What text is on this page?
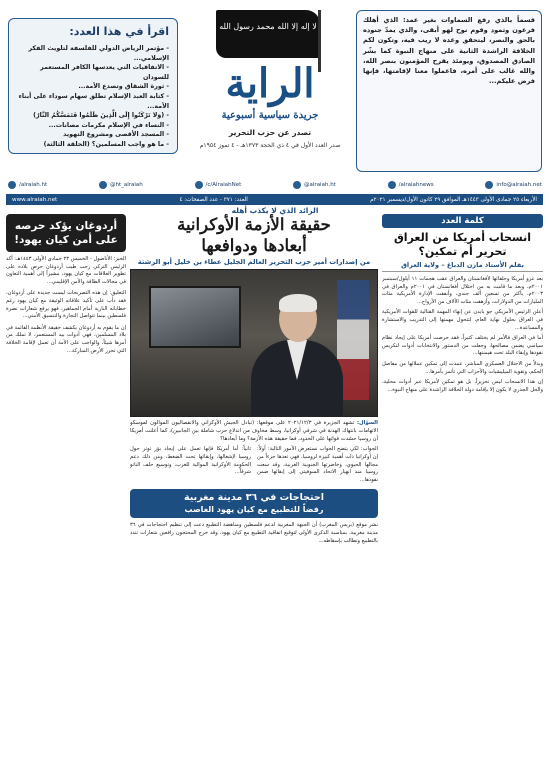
قسماً بالذي رفع السماوات بغير عمد: الذي أهلك فرعون وثمود وقوم نوح لهو أبقى، والذي يمدّ جنوده بالحق والنصر، ليتحقق وعده لا ريب فيه، وتكون لكم الخلافة الراشدة الثانية على منهاج النبوة كما بشّر الصادق المصدوق، ويومئذ يفرح المؤمنون بنصر الله، والله غالب على أمره، فاعملوا معنا لإقامتها، فإنها فرض عليكم...

لا إله إلا الله محمد رسول الله
الراية
جريدة سياسية أسبوعية
تصدر عن حزب التحرير
صدر العدد الأول في ٤ ذي الحجة ١٣٧٣هـ - ٤ تموز ١٩٥٤م
اقرأ في هذا العدد:
- مؤتمر الرياض الدولي للفلسفة لتلويث الفكر الإسلامي...
- الاتفاقيات التي يعدسها الكافر المستعمر للسودان
- ثورة الشقاق وتصدع الأمة...
- كتابة العبد الإسلام تطلق سهام سوداء على أبناء الأمة...
- (وَلا تَرْكَنُوا إِلَى الَّذِينَ ظَلَمُوا فَتَمَسَّكُمُ النَّارُ)
- النساء في الإسلام مكرمات مصانات...
- المسجد الأقصى ومشروع التهويد
- ما هو واجب المسلمين؟ (الحلقة الثالثة)
/alraiah.ht	@ht_alraiah	/c/AlraiahNet	@alraiah.ht	/alraiahnews	info@alraiah.net
الأربعاء ٢٥ جمادى الأولى ١٤٤٣هـ الموافق ٢٩ كانون الأول/ديسمبر ٢٠٢١م
العدد: ٣٧١ - عدد الصفحات: ٤
www.alraiah.net
الرائد الذي لا يكذب أهله
كلمة العدد
انسحاب أمريكا من العراق تحرير أم تمكين؟
بقلم الأستاذ مازن الدباغ – ولاية العراق

بعد غزو أمريكا وحلفائها لأفغانستان والعراق عقب هجمات ١١ أيلول/سبتمبر ٢٠٠١م، وبعد ما قامت به من احتلال أفغانستان في ٢٠٠١م والعراق في ٢٠٠٣م، بأكثر من تسعين ألف جندي، وأنفقت الإدارة الأمريكية مئات المليارات من الدولارات، وأزهقت مئات الآلاف من الأرواح...

أعلن الرئيس الأمريكي جو بايدن عن إنهاء المهمة القتالية للقوات الأمريكية في العراق بحلول نهاية العام، لتتحول مهمتها إلى التدريب والاستشارة والمساعدة...

أما في العراق فالأمر لم يختلف كثيراً، فقد حرصت أمريكا على إيجاد نظام سياسي يضمن مصالحها، وجعلت من الدستور والانتخابات أدوات لتكريس نفوذها وإبقاء البلد تحت هيمنتها...

وبدلاً من الاحتلال العسكري المباشر، عمدت إلى تمكين عملائها من مفاصل الحكم، وتقوية الميليشيات والأحزاب التي تأتمر بأمرها...

إن هذا الانسحاب ليس تحريراً، بل هو تمكين لأمريكا عبر أدوات محلية، والحل الجذري لا يكون إلا بإقامة دولة الخلافة الراشدة على منهاج النبوة...

حقيقة الأزمة الأوكرانية
أبعادها ودوافعها
من إصدارات أمير حزب التحرير العالم الجليل عطاء بن خليل أبو الرشتة

السؤال: تشهد الجزيرة في ٢٠٢١/١٢/٣ على موقعها: (تبادل الجيش الأوكراني والانفصاليون الموالون لموسكو الاتهامات بانتهاك الهدنة في شرقي أوكرانيا، وسط مخاوف من اندلاع حرب شاملة بين الجانبين)، كما أعلنت أمريكا أن روسيا حشدت قواتها على الحدود، فما حقيقة هذه الأزمة؟ وما أبعادها؟

الجواب: لكي يتضح الجواب نستعرض الأمور التالية: أولاً: إن أوكرانيا ذات أهمية كبيرة لروسيا، فهي تعدها جزءاً من مجالها الحيوي، وخاصرتها الجنوبية الغربية، وقد سعت روسيا منذ انهيار الاتحاد السوفيتي إلى إبقائها ضمن نفوذها...

ثانياً: أما أمريكا فإنها تعمل على إيجاد بؤر توتر حول روسيا لإشغالها، وإبقائها تحت الضغط، ومن ذلك دعم الحكومة الأوكرانية الموالية للغرب، وتوسيع حلف الناتو شرقاً...

احتجاجات في ٣٦ مدينة مغربية
رفضاً للتطبيع مع كيان يهود الغاصب

نشر موقع (بريس المغرب) أن الجبهة المغربية لدعم فلسطين ومناهضة التطبيع دعت إلى تنظيم احتجاجات في ٣٦ مدينة مغربية، بمناسبة الذكرى الأولى لتوقيع اتفاقية التطبيع مع كيان يهود، وقد خرج المحتجون رافعين شعارات تندد بالتطبيع وتطالب بإسقاطه...

أردوغان يؤكد حرصه على أمن كيان يهود!

الخبر: الأناضول - الخميس ٢٣ جمادى الأولى ١٤٤٣هـ: أكد الرئيس التركي رجب طيب أردوغان حرص بلاده على تطوير العلاقات مع كيان يهود، مشيراً إلى أهمية التعاون في مجالات الطاقة والأمن الإقليمي...

التعليق: إن هذه التصريحات ليست جديدة على أردوغان، فقد دأب على تأكيد علاقاته الوثيقة مع كيان يهود رغم خطاباته النارية أمام الجماهير، فهو يرفع شعارات نصرة فلسطين بينما تتواصل التجارة والتنسيق الأمني...

إن ما يقوم به أردوغان يكشف حقيقة الأنظمة القائمة في بلاد المسلمين، فهي أدوات بيد المستعمر، لا تملك من أمرها شيئاً، والواجب على الأمة أن تعمل لإقامة الخلافة التي تحرر الأرض المباركة...
